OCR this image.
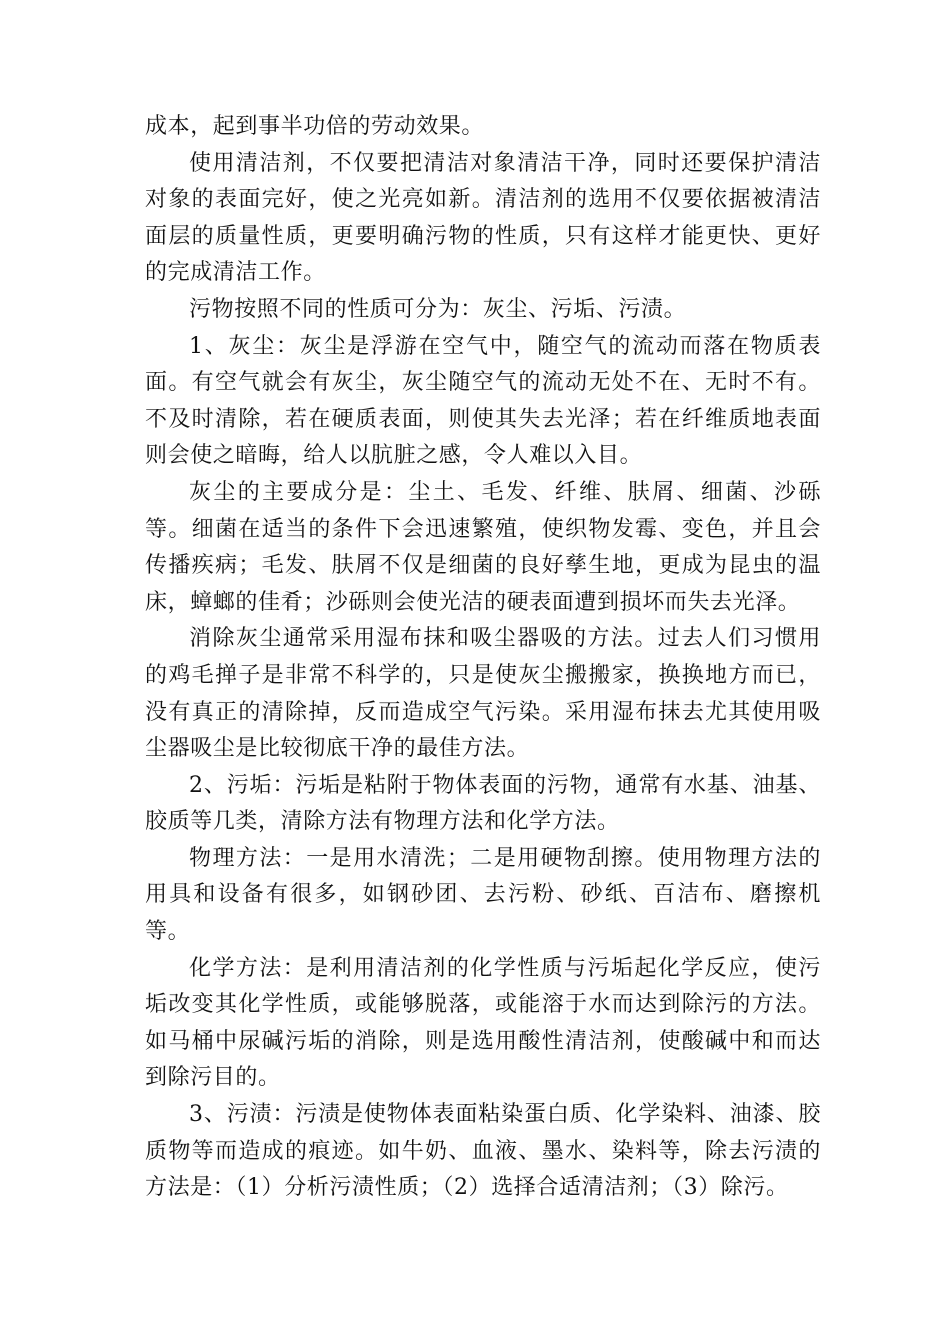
成本，起到事半功倍的劳动效果。

使用清洁剂，不仅要把清洁对象清洁干净，同时还要保护清洁对象的表面完好，使之光亮如新。清洁剂的选用不仅要依据被清洁面层的质量性质，更要明确污物的性质，只有这样才能更快、更好的完成清洁工作。

污物按照不同的性质可分为：灰尘、污垢、污渍。

1、灰尘：灰尘是浮游在空气中，随空气的流动而落在物质表面。有空气就会有灰尘，灰尘随空气的流动无处不在、无时不有。不及时清除，若在硬质表面，则使其失去光泽；若在纤维质地表面则会使之暗晦，给人以肮脏之感，令人难以入目。

灰尘的主要成分是：尘土、毛发、纤维、肤屑、细菌、沙砾等。细菌在适当的条件下会迅速繁殖，使织物发霉、变色，并且会传播疾病；毛发、肤屑不仅是细菌的良好孳生地，更成为昆虫的温床，蟑螂的佳肴；沙砾则会使光洁的硬表面遭到损坏而失去光泽。

消除灰尘通常采用湿布抹和吸尘器吸的方法。过去人们习惯用的鸡毛掸子是非常不科学的，只是使灰尘搬搬家，换换地方而已，没有真正的清除掉，反而造成空气污染。采用湿布抹去尤其使用吸尘器吸尘是比较彻底干净的最佳方法。

2、污垢：污垢是粘附于物体表面的污物，通常有水基、油基、胶质等几类，清除方法有物理方法和化学方法。

物理方法：一是用水清洗；二是用硬物刮擦。使用物理方法的用具和设备有很多，如钢砂团、去污粉、砂纸、百洁布、磨擦机等。

化学方法：是利用清洁剂的化学性质与污垢起化学反应，使污垢改变其化学性质，或能够脱落，或能溶于水而达到除污的方法。如马桶中尿碱污垢的消除，则是选用酸性清洁剂，使酸碱中和而达到除污目的。

3、污渍：污渍是使物体表面粘染蛋白质、化学染料、油漆、胶质物等而造成的痕迹。如牛奶、血液、墨水、染料等，除去污渍的方法是：（1）分析污渍性质；（2）选择合适清洁剂；（3）除污。
